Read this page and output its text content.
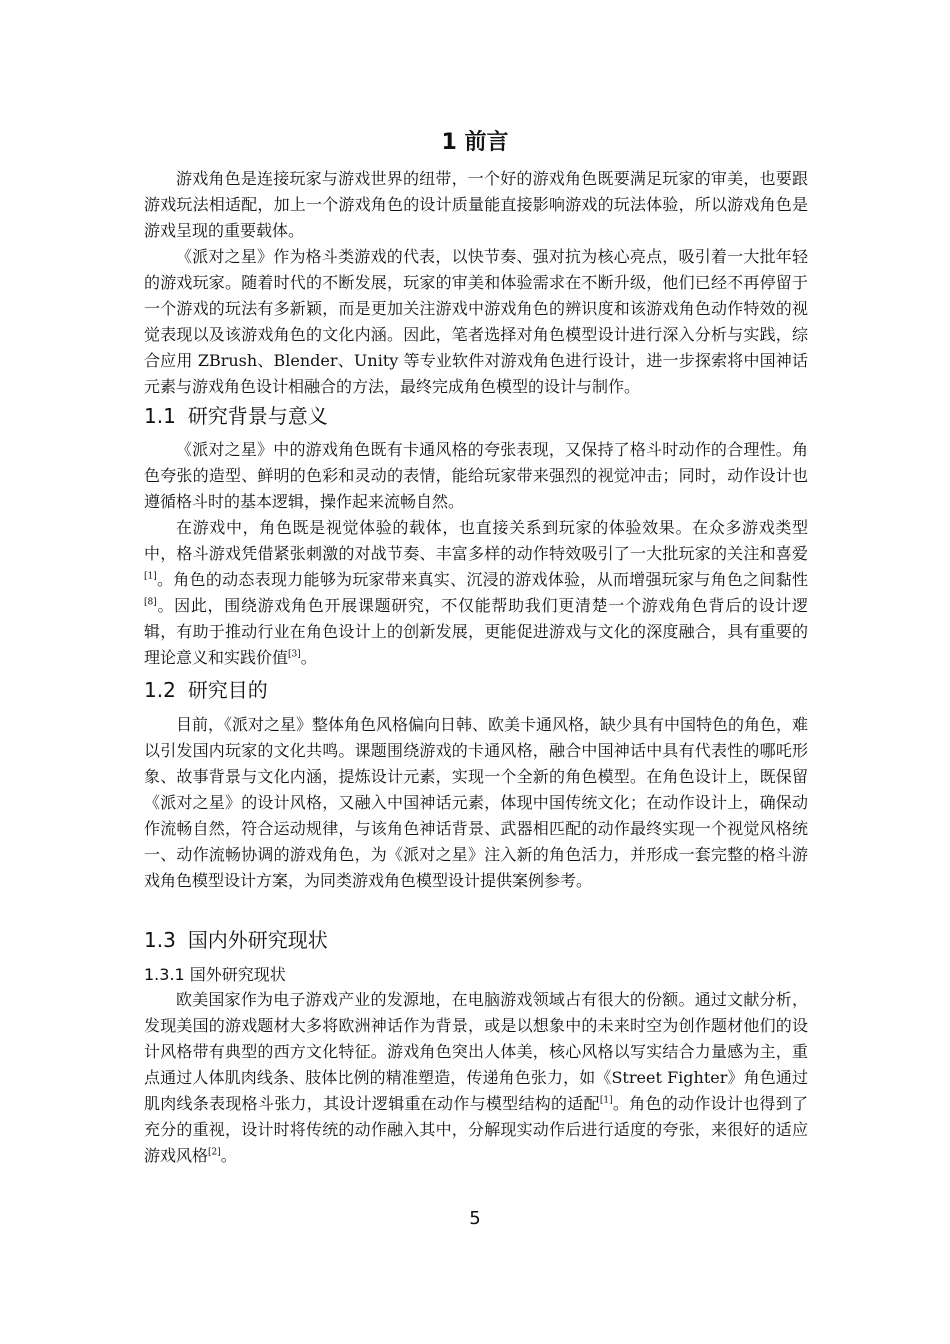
1 前言

游戏角色是连接玩家与游戏世界的纽带，一个好的游戏角色既要满足玩家的审美，也要跟游戏玩法相适配，加上一个游戏角色的设计质量能直接影响游戏的玩法体验，所以游戏角色是游戏呈现的重要载体。

《派对之星》作为格斗类游戏的代表，以快节奏、强对抗为核心亮点，吸引着一大批年轻的游戏玩家。随着时代的不断发展，玩家的审美和体验需求在不断升级，他们已经不再停留于一个游戏的玩法有多新颖，而是更加关注游戏中游戏角色的辨识度和该游戏角色动作特效的视觉表现以及该游戏角色的文化内涵。因此，笔者选择对角色模型设计进行深入分析与实践，综合应用 ZBrush、Blender、Unity 等专业软件对游戏角色进行设计，进一步探索将中国神话元素与游戏角色设计相融合的方法，最终完成角色模型的设计与制作。

1.1 研究背景与意义

《派对之星》中的游戏角色既有卡通风格的夸张表现，又保持了格斗时动作的合理性。角色夸张的造型、鲜明的色彩和灵动的表情，能给玩家带来强烈的视觉冲击；同时，动作设计也遵循格斗时的基本逻辑，操作起来流畅自然。

在游戏中，角色既是视觉体验的载体，也直接关系到玩家的体验效果。在众多游戏类型中，格斗游戏凭借紧张刺激的对战节奏、丰富多样的动作特效吸引了一大批玩家的关注和喜爱[1]。角色的动态表现力能够为玩家带来真实、沉浸的游戏体验，从而增强玩家与角色之间黏性[8]。因此，围绕游戏角色开展课题研究，不仅能帮助我们更清楚一个游戏角色背后的设计逻辑，有助于推动行业在角色设计上的创新发展，更能促进游戏与文化的深度融合，具有重要的理论意义和实践价值[3]。

1.2 研究目的

目前，《派对之星》整体角色风格偏向日韩、欧美卡通风格，缺少具有中国特色的角色，难以引发国内玩家的文化共鸣。课题围绕游戏的卡通风格，融合中国神话中具有代表性的哪吒形象、故事背景与文化内涵，提炼设计元素，实现一个全新的角色模型。在角色设计上，既保留《派对之星》的设计风格，又融入中国神话元素，体现中国传统文化；在动作设计上，确保动作流畅自然，符合运动规律，与该角色神话背景、武器相匹配的动作最终实现一个视觉风格统一、动作流畅协调的游戏角色，为《派对之星》注入新的角色活力，并形成一套完整的格斗游戏角色模型设计方案，为同类游戏角色模型设计提供案例参考。

1.3 国内外研究现状
1.3.1 国外研究现状

欧美国家作为电子游戏产业的发源地，在电脑游戏领域占有很大的份额。通过文献分析，发现美国的游戏题材大多将欧洲神话作为背景，或是以想象中的未来时空为创作题材他们的设计风格带有典型的西方文化特征。游戏角色突出人体美，核心风格以写实结合力量感为主，重点通过人体肌肉线条、肢体比例的精准塑造，传递角色张力，如《Street Fighter》角色通过肌肉线条表现格斗张力，其设计逻辑重在动作与模型结构的适配[1]。角色的动作设计也得到了充分的重视，设计时将传统的动作融入其中，分解现实动作后进行适度的夸张，来很好的适应游戏风格[2]。

5
